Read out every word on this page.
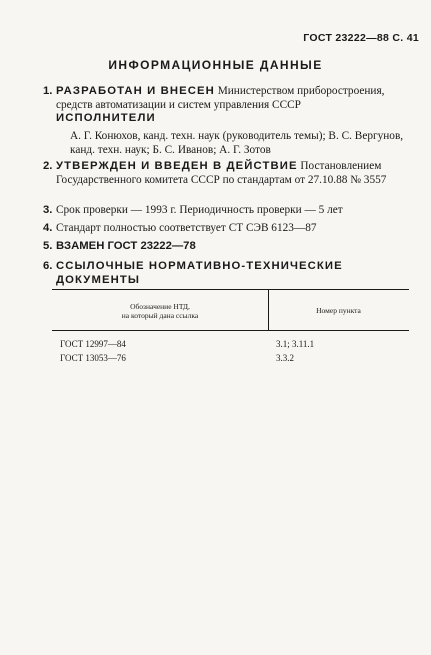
ГОСТ 23222—88 С. 41
ИНФОРМАЦИОННЫЕ ДАННЫЕ
1. РАЗРАБОТАН И ВНЕСЕН Министерством приборостроения, средств автоматизации и систем управления СССР
ИСПОЛНИТЕЛИ
А. Г. Конюхов, канд. техн. наук (руководитель темы); В. С. Вергунов, канд. техн. наук; Б. С. Иванов; А. Г. Зотов
2. УТВЕРЖДЕН И ВВЕДЕН В ДЕЙСТВИЕ Постановлением Государственного комитета СССР по стандартам от 27.10.88 № 3557
3. Срок проверки — 1993 г. Периодичность проверки — 5 лет
4. Стандарт полностью соответствует СТ СЭВ 6123—87
5. ВЗАМЕН ГОСТ 23222—78
6. ССЫЛОЧНЫЕ НОРМАТИВНО-ТЕХНИЧЕСКИЕ ДОКУМЕНТЫ
Обозначение НТД,
на который дана ссылка
Номер пункта
ГОСТ 12997—84	3.1; 3.11.1
ГОСТ 13053—76	3.3.2
